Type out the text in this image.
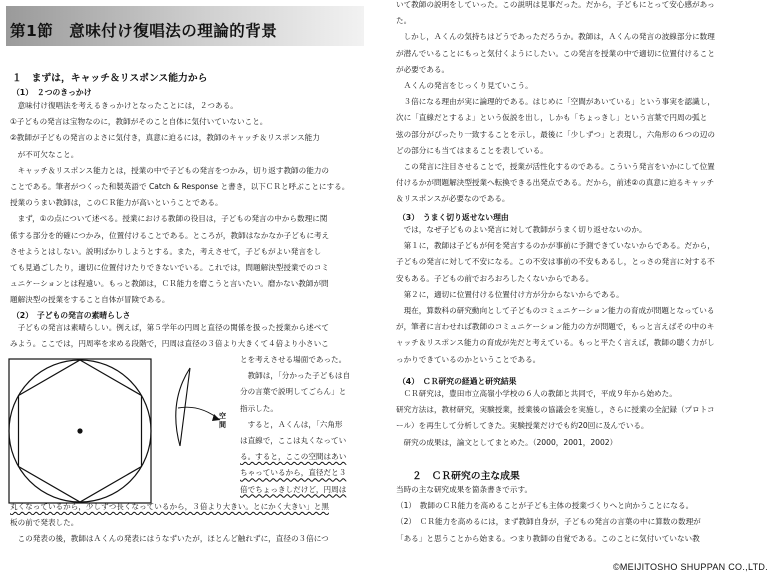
第1節　意味付け復唱法の理論的背景
１　まずは，キャッチ＆リスポンス能力から
（1）　２つのきっかけ

　意味付け復唱法を考えるきっかけとなったことには，２つある。

①子どもの発言は宝物なのに，教師がそのこと自体に気付いていないこと。

②教師が子どもの発言のよさに気付き，真意に迫るには，教師のキャッチ＆リスポンス能力

　が不可欠なこと。

　キャッチ＆リスポンス能力とは，授業の中で子どもの発言をつかみ，切り返す教師の能力の

ことである。筆者がつくった和製英語で Catch & Response と書き，以下ＣＲと呼ぶことにする。

授業のうまい教師は，このＣＲ能力が高いということである。

　まず，①の点について述べる。授業における教師の役目は，子どもの発言の中から数理に関

係する部分を的確につかみ，位置付けることである。ところが，教師はなかなか子どもに考え

させようとはしない。説明ばかりしようとする。また，考えさせて，子どもがよい発言をし

ても見過ごしたり，適切に位置付けたりできないでいる。これでは，問題解決型授業でのコミ

ュニケーションとは程遠い。もっと教師は，ＣＲ能力を磨こうと言いたい。磨かない教師が問

題解決型の授業をすること自体が冒険である。

（2）　子どもの発言の素晴らしさ

　子どもの発言は素晴らしい。例えば，第５学年の円周と直径の関係を扱った授業から述べて

みよう。ここでは，円周率を求める段階で，円周は直径の３倍より大きくて４倍より小さいこ

空間

とを考えさせる場面であった。

　教師は，「分かった子どもは自

分の言葉で説明してごらん」と

指示した。

　すると，Ａくんは，「六角形

は直線で，ここは丸くなってい

る。すると，ここの空間はあい

ちゃっているから，直径だと３

倍でちょっきしだけど，円周は

丸くなっているから，少しずつ長くなっているから，３倍より大きい。とにかく大きい」と黒

板の前で発表した。

　この発表の後，教師はＡくんの発表にはうなずいたが，ほとんど触れずに，直径の３倍につ

いて教師の説明をしていった。この説明は見事だった。だから，子どもにとって安心感があっ

た。

　しかし，Ａくんの気持ちはどうであっただろうか。教師は，Ａくんの発言の波線部分に数理

が潜んでいることにもっと気付くようにしたい。この発言を授業の中で適切に位置付けること

が必要である。

　Ａくんの発言をじっくり見ていこう。

　３倍になる理由が実に論理的である。はじめに「空間があいている」という事実を認識し，

次に「直線だとするよ」という仮説を出し，しかも「ちょっきし」という言葉で円周の弧と

弦の部分がぴったり一致することを示し，最後に「少しずつ」と表現し，六角形の６つの辺の

どの部分にも当てはまることを表している。

　この発言に注目させることで，授業が活性化するのである。こういう発言をいかにして位置

付けるかが問題解決型授業へ転換できる出発点である。だから，前述②の真意に迫るキャッチ

＆リスポンスが必要なのである。

（3）　うまく切り返せない理由

　では，なぜ子どものよい発言に対して教師がうまく切り返せないのか。

　第１に，教師は子どもが何を発言するのかが事前に予測できていないからである。だから，

子どもの発言に対して不安になる。この不安は事前の不安もあるし，とっさの発言に対する不

安もある。子どもの前でおろおろしたくないからである。

　第２に，適切に位置付ける位置付け方が分からないからである。

　現在，算数科の研究動向として子どものコミュニケーション能力の育成が問題となっている

が，筆者に言わせれば教師のコミュニケーション能力の方が問題で，もっと言えばその中のキ

ャッチ＆リスポンス能力の育成が先だと考えている。もっと平たく言えば，教師の聴く力がし

っかりできているのかということである。

（4）　ＣＲ研究の経過と研究結果

　ＣＲ研究は，豊田市立高嶺小学校の６人の教師と共同で，平成９年から始めた。

研究方法は，教材研究，実験授業，授業後の協議会を実施し，さらに授業の全記録（プロトコ

ール）を再生して分析してきた。実験授業だけでも約20回に及んでいる。

　研究の成果は，論文としてまとめた。（2000，2001，2002）

２　ＣＲ研究の主な成果

当時の主な研究成果を箇条書きで示す。

（1）　教師のＣＲ能力を高めることが子ども主体の授業づくりへと向かうことになる。

（2）　ＣＲ能力を高めるには，まず教師自身が，子どもの発言の言葉の中に算数の数理が

「ある」と思うことから始まる。つまり教師の自覚である。このことに気付いていない教

©MEIJITOSHO SHUPPAN CO.,LTD.
